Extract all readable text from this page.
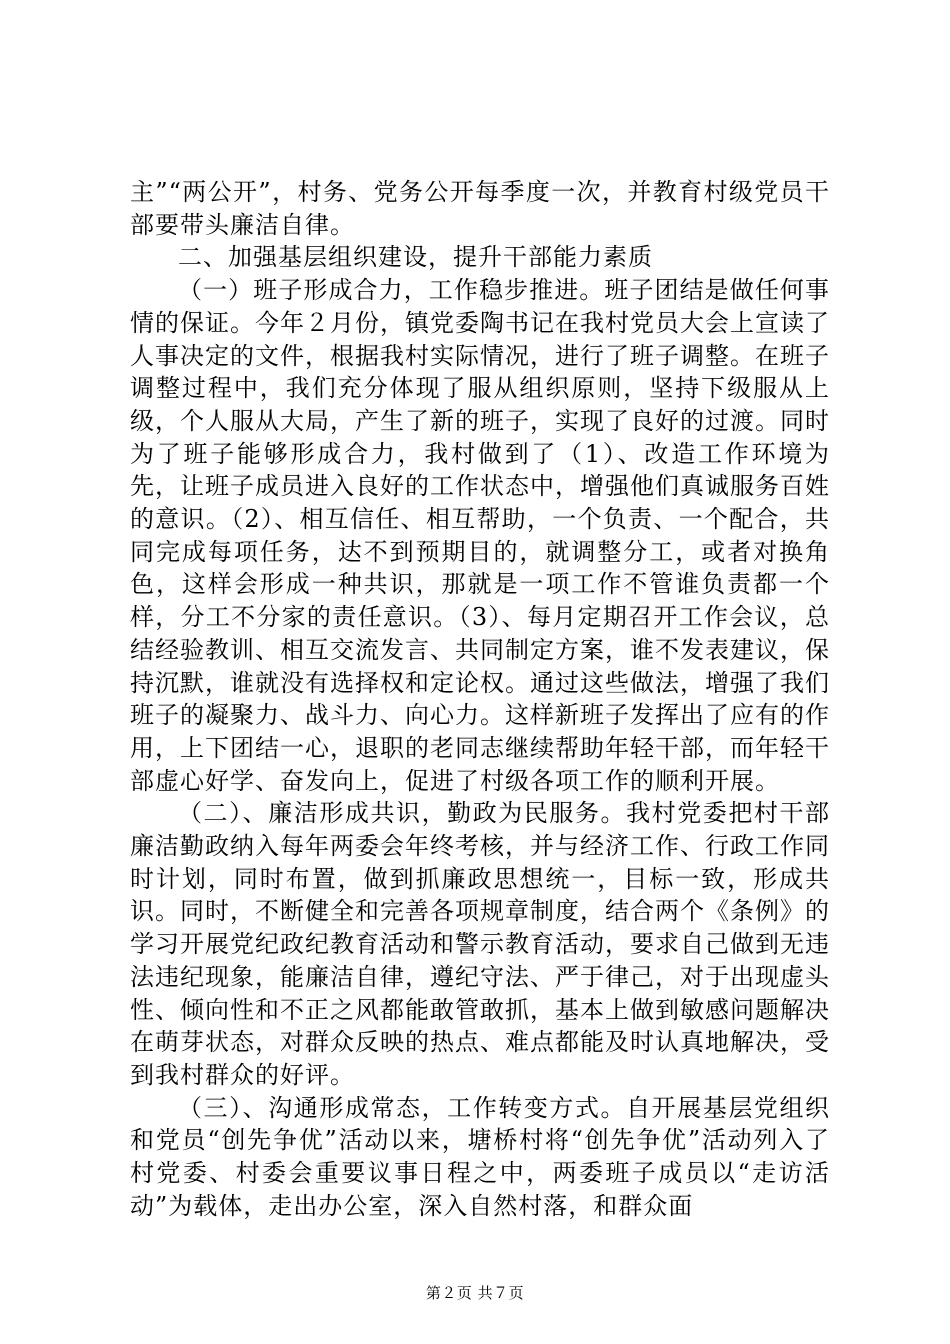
主”“两公开”，村务、党务公开每季度一次，并教育村级党员干部要带头廉洁自律。

二、加强基层组织建设，提升干部能力素质

（一）班子形成合力，工作稳步推进。班子团结是做任何事情的保证。今年２月份，镇党委陶书记在我村党员大会上宣读了人事决定的文件，根据我村实际情况，进行了班子调整。在班子调整过程中，我们充分体现了服从组织原则，坚持下级服从上级，个人服从大局，产生了新的班子，实现了良好的过渡。同时为了班子能够形成合力，我村做到了（1）、改造工作环境为先，让班子成员进入良好的工作状态中，增强他们真诚服务百姓的意识。（2）、相互信任、相互帮助，一个负责、一个配合，共同完成每项任务，达不到预期目的，就调整分工，或者对换角色，这样会形成一种共识，那就是一项工作不管谁负责都一个样，分工不分家的责任意识。（3）、每月定期召开工作会议，总结经验教训、相互交流发言、共同制定方案，谁不发表建议，保持沉默，谁就没有选择权和定论权。通过这些做法，增强了我们班子的凝聚力、战斗力、向心力。这样新班子发挥出了应有的作用，上下团结一心，退职的老同志继续帮助年轻干部，而年轻干部虚心好学、奋发向上，促进了村级各项工作的顺利开展。

（二）、廉洁形成共识，勤政为民服务。我村党委把村干部廉洁勤政纳入每年两委会年终考核，并与经济工作、行政工作同时计划，同时布置，做到抓廉政思想统一，目标一致，形成共识。同时，不断健全和完善各项规章制度，结合两个《条例》的学习开展党纪政纪教育活动和警示教育活动，要求自己做到无违法违纪现象，能廉洁自律，遵纪守法、严于律己，对于出现虚头性、倾向性和不正之风都能敢管敢抓，基本上做到敏感问题解决在萌芽状态，对群众反映的热点、难点都能及时认真地解决，受到我村群众的好评。

（三）、沟通形成常态，工作转变方式。自开展基层党组织和党员“创先争优”活动以来，塘桥村将“创先争优”活动列入了村党委、村委会重要议事日程之中，两委班子成员以“走访活动”为载体，走出办公室，深入自然村落，和群众面

第２页 共７页
